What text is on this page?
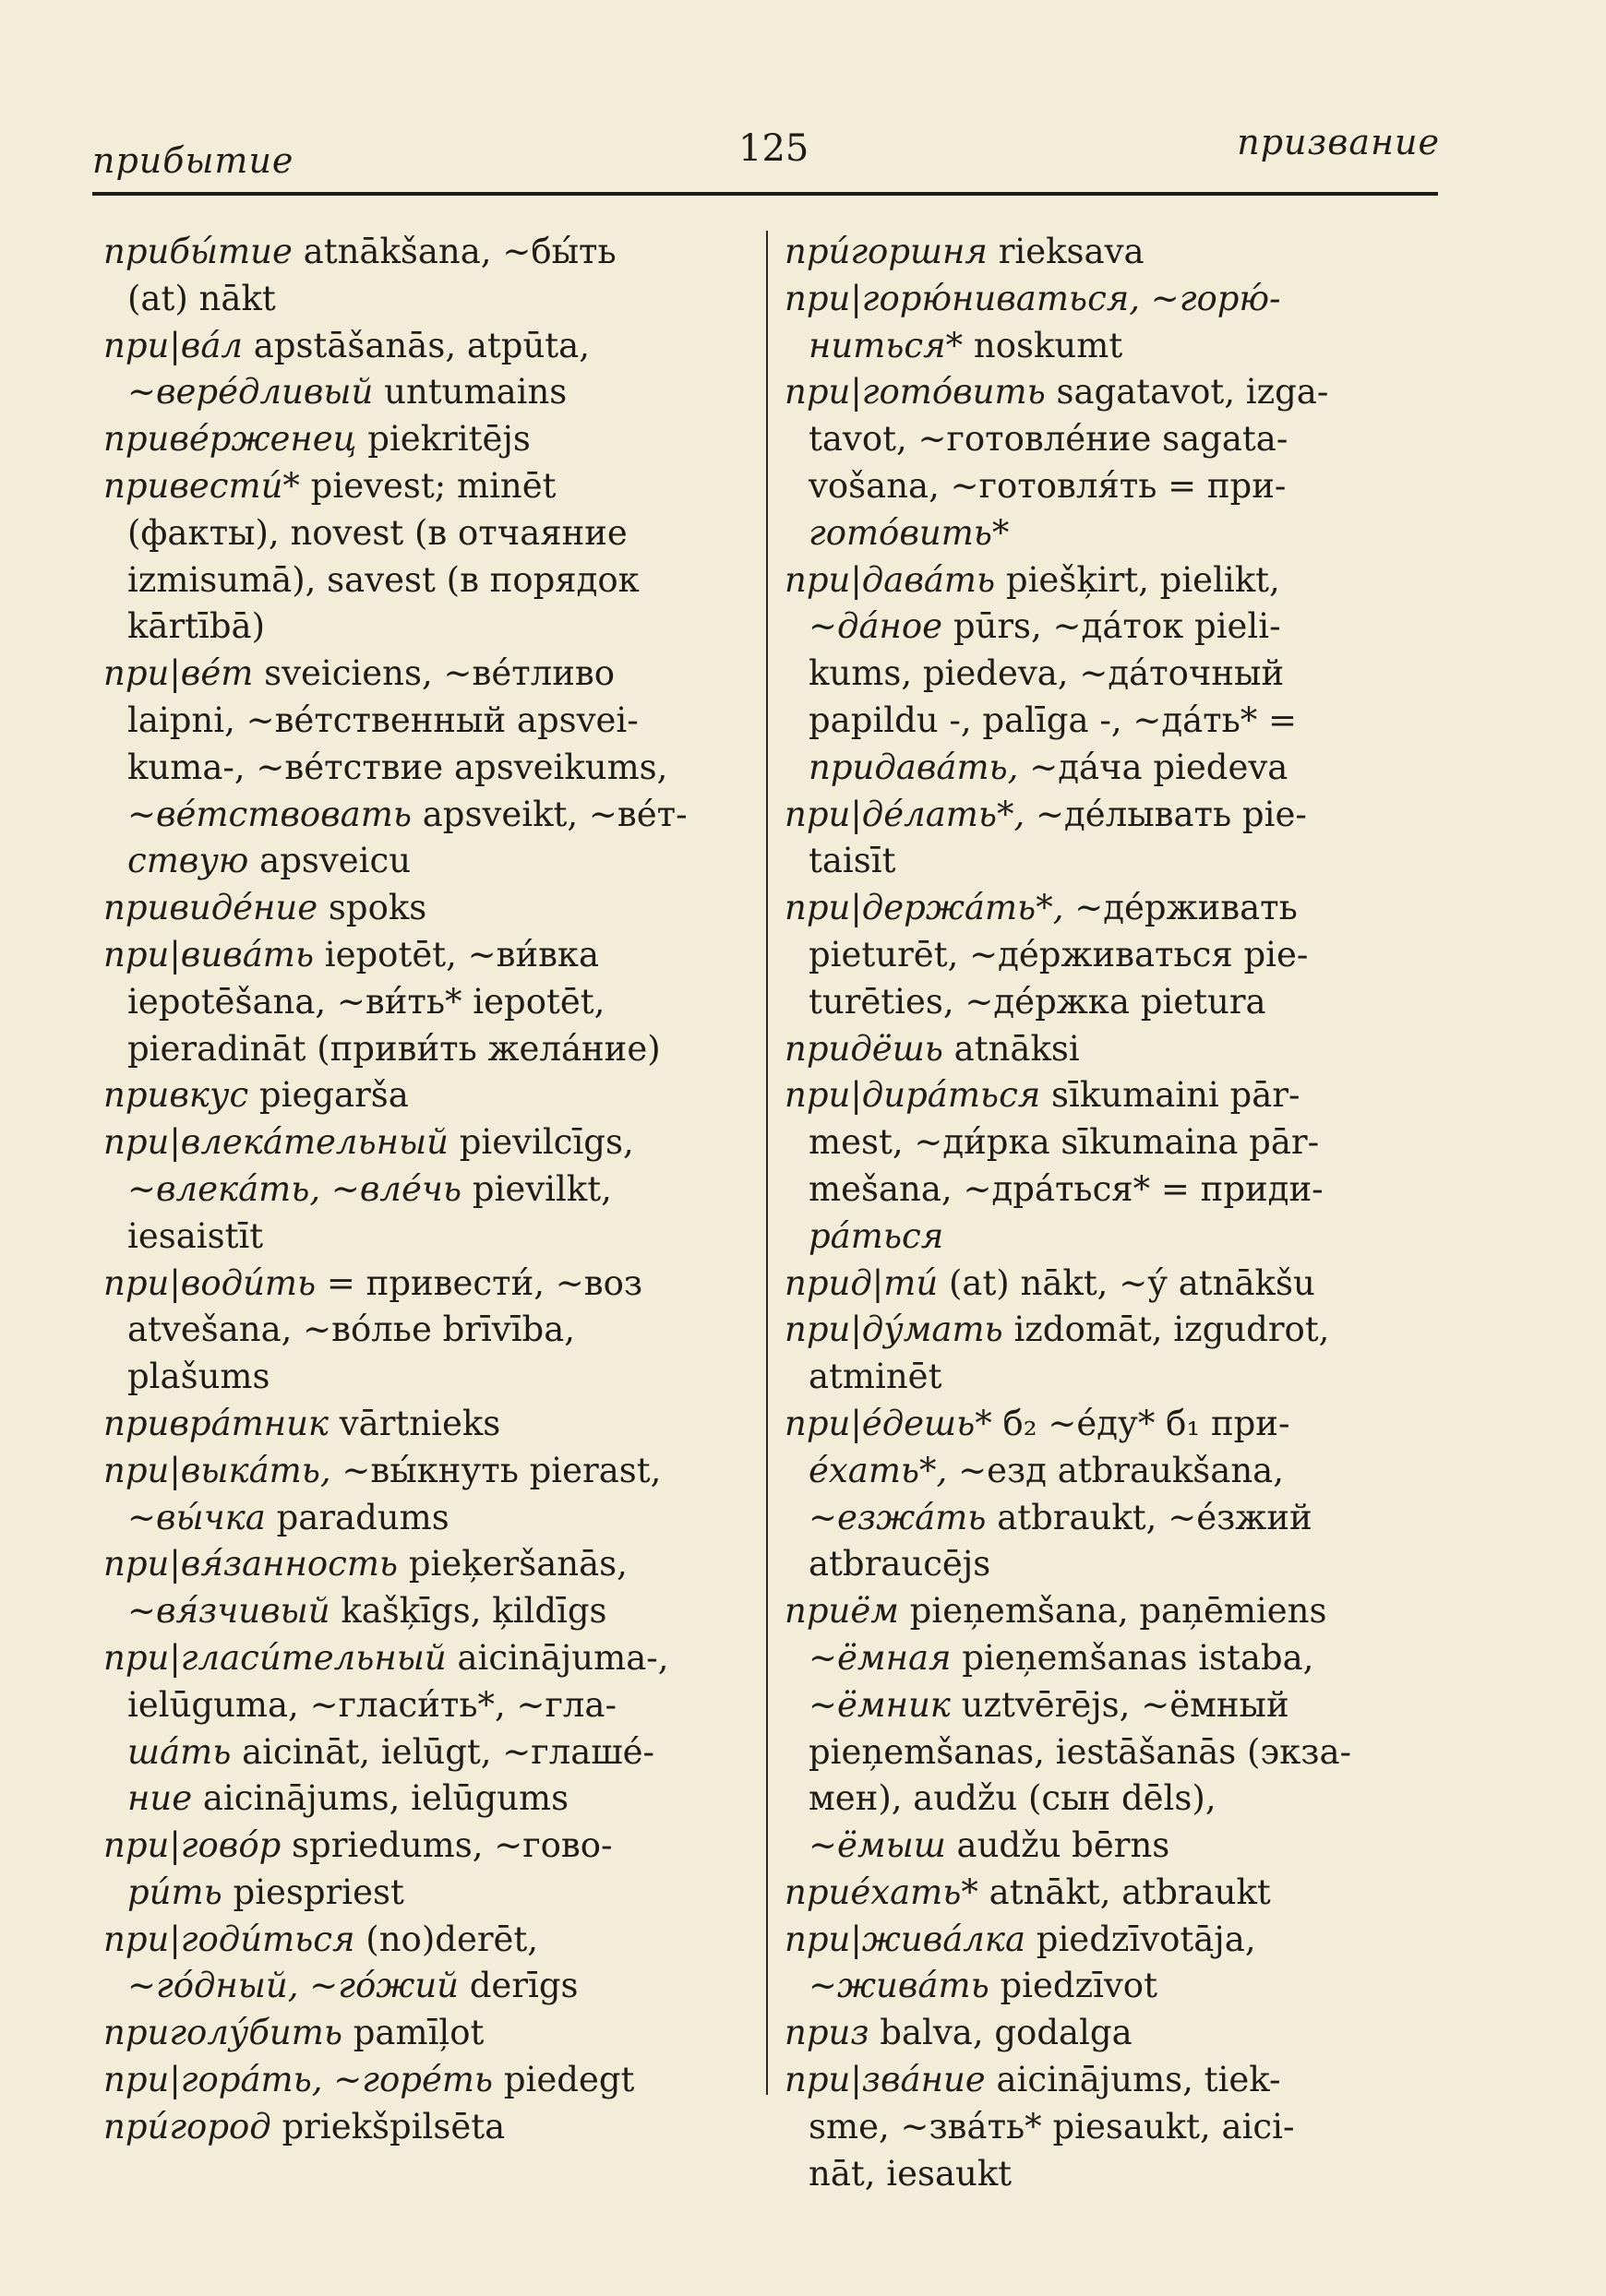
прибытие	125	призвание
прибы́тие atnākšana, ~бы́ть
(at) nākt
при|ва́л apstāšanās, atpūta,
~вере́дливый untumains
приве́рженец piekritējs
привести́* pievest; minēt
(факты), novest (в отчаяние
izmisumā), savest (в порядок
kārtībā)
при|ве́т sveiciens, ~ве́тливо
laipni, ~ве́тственный apsvei-
kuma-, ~ве́тствие apsveikums,
~ве́тствовать apsveikt, ~ве́т-
ствую apsveicu
привиде́ние spoks
при|вива́ть iepotēt, ~ви́вка
iepotēšana, ~ви́ть* iepotēt,
pieradināt (приви́ть жела́ние)
привкус piegarša
при|влека́тельный pievilcīgs,
~влека́ть, ~вле́чь pievilkt,
iesaistīt
при|води́ть = привести́, ~воз
atvešana, ~во́лье brīvība,
plašums
приврáтник vārtnieks
при|выка́ть, ~вы́кнуть pierast,
~вы́чка paradums
при|вя́занность pieķeršanās,
~вя́зчивый kašķīgs, ķildīgs
при|гласи́тельный aicinājuma-,
ielūguma, ~гласи́ть*, ~гла-
ша́ть aicināt, ielūgt, ~глаше́-
ние aicinājums, ielūgums
при|гово́р spriedums, ~гово-
ри́ть piespriest
при|годи́ться (no)derēt,
~го́дный, ~го́жий derīgs
приголу́бить pamīļot
при|гора́ть, ~горе́ть piedegt
при́город priekšpilsēta
при́горшня rieksava
при|горю́ниваться, ~горю́-
ниться* noskumt
при|гото́вить sagatavot, izga-
tavot, ~готовле́ние sagata-
vošana, ~готовля́ть = при-
гото́вить*
при|дава́ть piešķirt, pielikt,
~да́ное pūrs, ~да́ток pieli-
kums, piedeva, ~да́точный
papildu -, palīga -, ~да́ть* =
придава́ть, ~да́ча piedeva
при|де́лать*, ~де́лывать pie-
taisīt
при|держа́ть*, ~де́рживать
pieturēt, ~де́рживаться pie-
turēties, ~де́ржка pietura
придёшь atnāksi
при|дира́ться sīkumaini pār-
mest, ~ди́рка sīkumaina pār-
mešana, ~дра́ться* = приди-
ра́ться
прид|ти́ (at) nākt, ~у́ atnākšu
при|ду́мать izdomāt, izgudrot,
atminēt
при|е́дешь* б₂ ~е́ду* б₁ при-
е́хать*, ~езд atbraukšana,
~езжа́ть atbraukt, ~е́зжий
atbraucējs
приём pieņemšana, paņēmiens
~ёмная pieņemšanas istaba,
~ёмник uztvērējs, ~ёмный
pieņemšanas, iestāšanās (экза-
мен), audžu (сын dēls),
~ёмыш audžu bērns
прие́хать* atnākt, atbraukt
при|жива́лка piedzīvotāja,
~жива́ть piedzīvot
приз balva, godalga
при|зва́ние aicinājums, tiek-
sme, ~зва́ть* piesaukt, aici-
nāt, iesaukt
